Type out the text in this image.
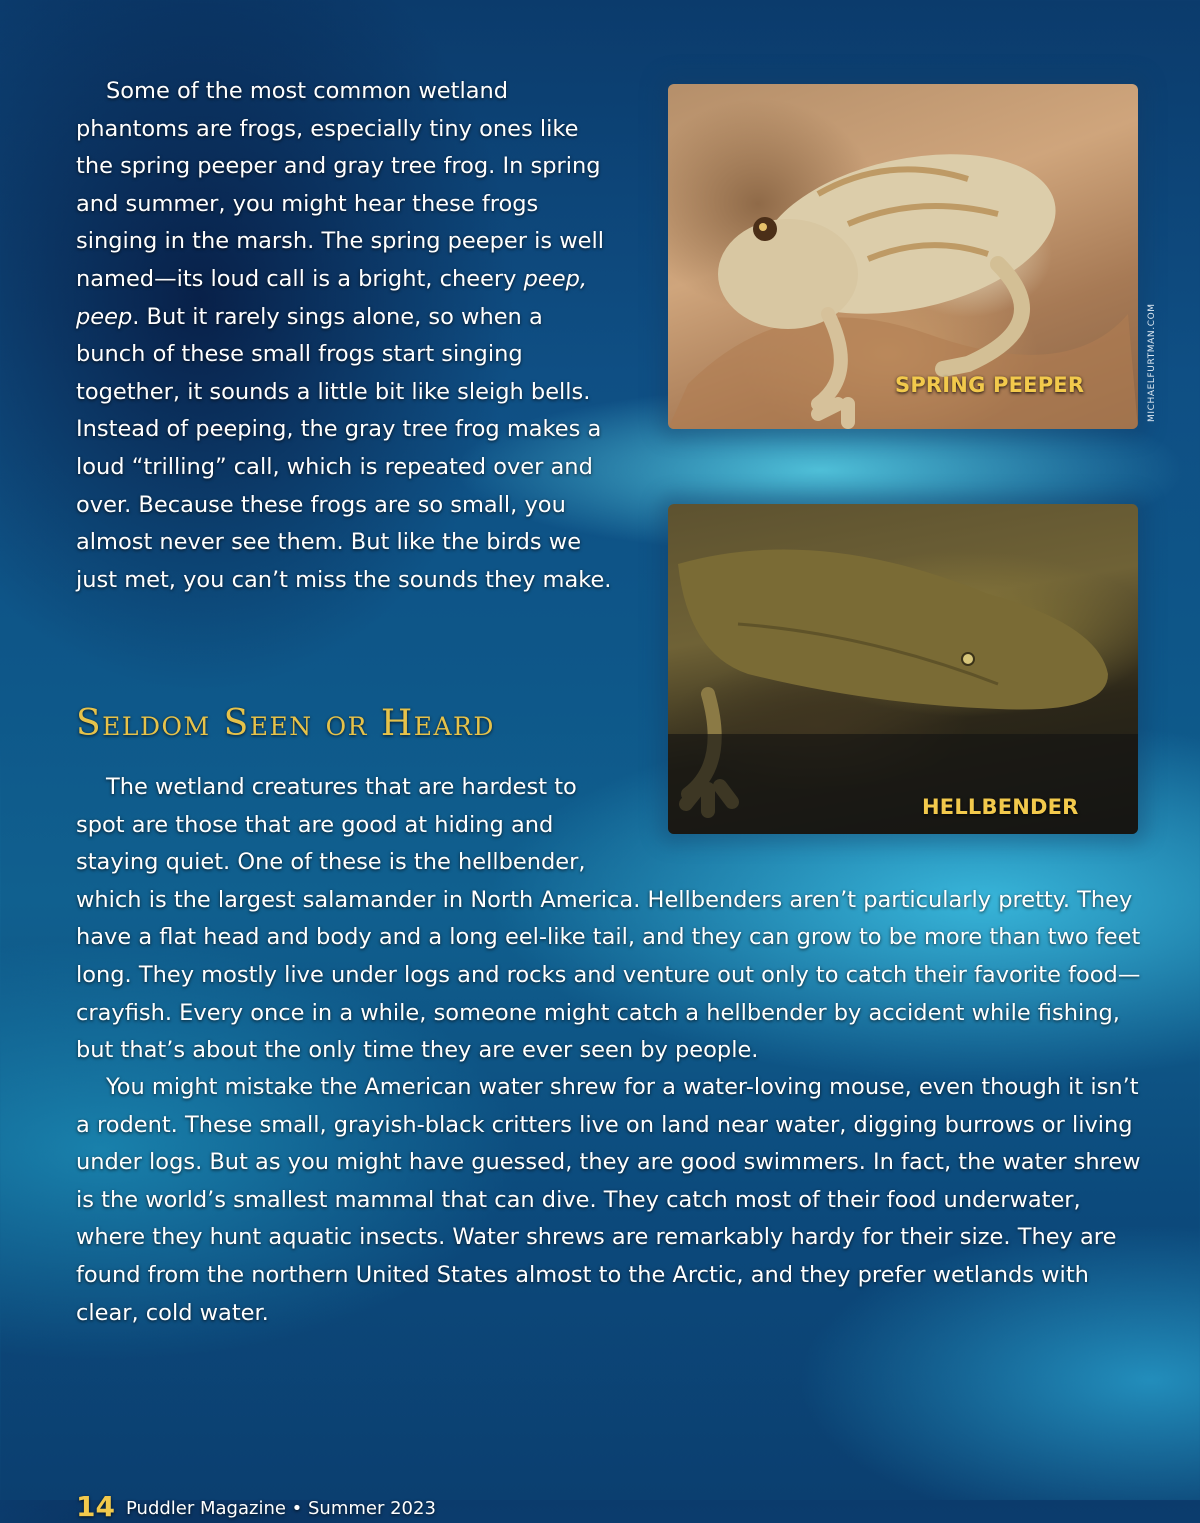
Some of the most common wetland phantoms are frogs, especially tiny ones like the spring peeper and gray tree frog. In spring and summer, you might hear these frogs singing in the marsh. The spring peeper is well named—its loud call is a bright, cheery peep, peep. But it rarely sings alone, so when a bunch of these small frogs start singing together, it sounds a little bit like sleigh bells. Instead of peeping, the gray tree frog makes a loud “trilling” call, which is repeated over and over. Because these frogs are so small, you almost never see them. But like the birds we just met, you can’t miss the sounds they make.

Seldom Seen or Heard

The wetland creatures that are hardest to spot are those that are good at hiding and staying quiet. One of these is the hellbender,
which is the largest salamander in North America. Hellbenders aren’t particularly pretty. They have a flat head and body and a long eel-like tail, and they can grow to be more than two feet long. They mostly live under logs and rocks and venture out only to catch their favorite food—crayfish. Every once in a while, someone might catch a hellbender by accident while fishing, but that’s about the only time they are ever seen by people.

You might mistake the American water shrew for a water-loving mouse, even though it isn’t a rodent. These small, grayish-black critters live on land near water, digging burrows or living under logs. But as you might have guessed, they are good swimmers. In fact, the water shrew is the world’s smallest mammal that can dive. They catch most of their food underwater, where they hunt aquatic insects. Water shrews are remarkably hardy for their size. They are found from the northern United States almost to the Arctic, and they prefer wetlands with clear, cold water.

SPRING PEEPER
HELLBENDER
MICHAELFURTMAN.COM
14 Puddler Magazine • Summer 2023
